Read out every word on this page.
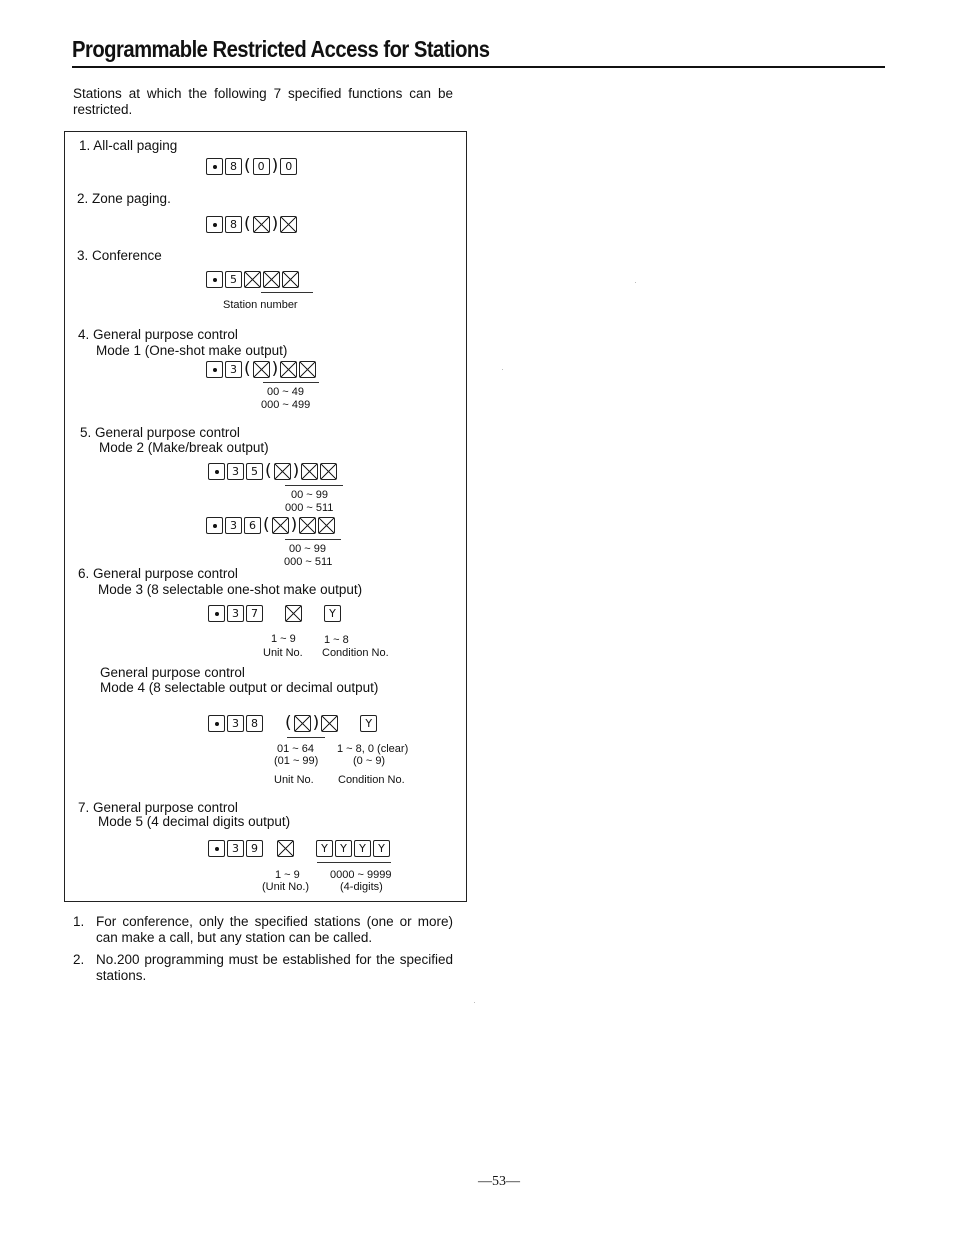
Programmable Restricted Access for Stations

Stations at which the following 7 specified functions can be restricted.

1. All-call paging

8 ( 0 ) 0

2. Zone paging.

8 ( )

3. Conference

5

Station number

4. General purpose control

Mode 1 (One-shot make output)

3 ( )

00 ~ 49

000 ~ 499

5. General purpose control

Mode 2 (Make/break output)

3	5 ( )

00 ~ 99

000 ~ 511

3	6 ( )

00 ~ 99

000 ~ 511

6. General purpose control

Mode 3 (8 selectable one-shot make output)

3	7	Y

1 ~ 9	1 ~ 8

Unit No. Condition No.

General purpose control

Mode 4 (8 selectable output or decimal output)

3	8 ( )	Y

01 ~ 64 1 ~ 8, 0 (clear)

(01 ~ 99)	(0 ~ 9)

Unit No. Condition No.

7. General purpose control

Mode 5 (4 decimal digits output)

3	9	Y	Y	Y	Y

1 ~ 9	0000 ~ 9999

(Unit No.)	(4-digits)

1. For conference, only the specified stations (one or more) can make a call, but any station can be called.
2. No.200 programming must be established for the specified stations.
—53—
